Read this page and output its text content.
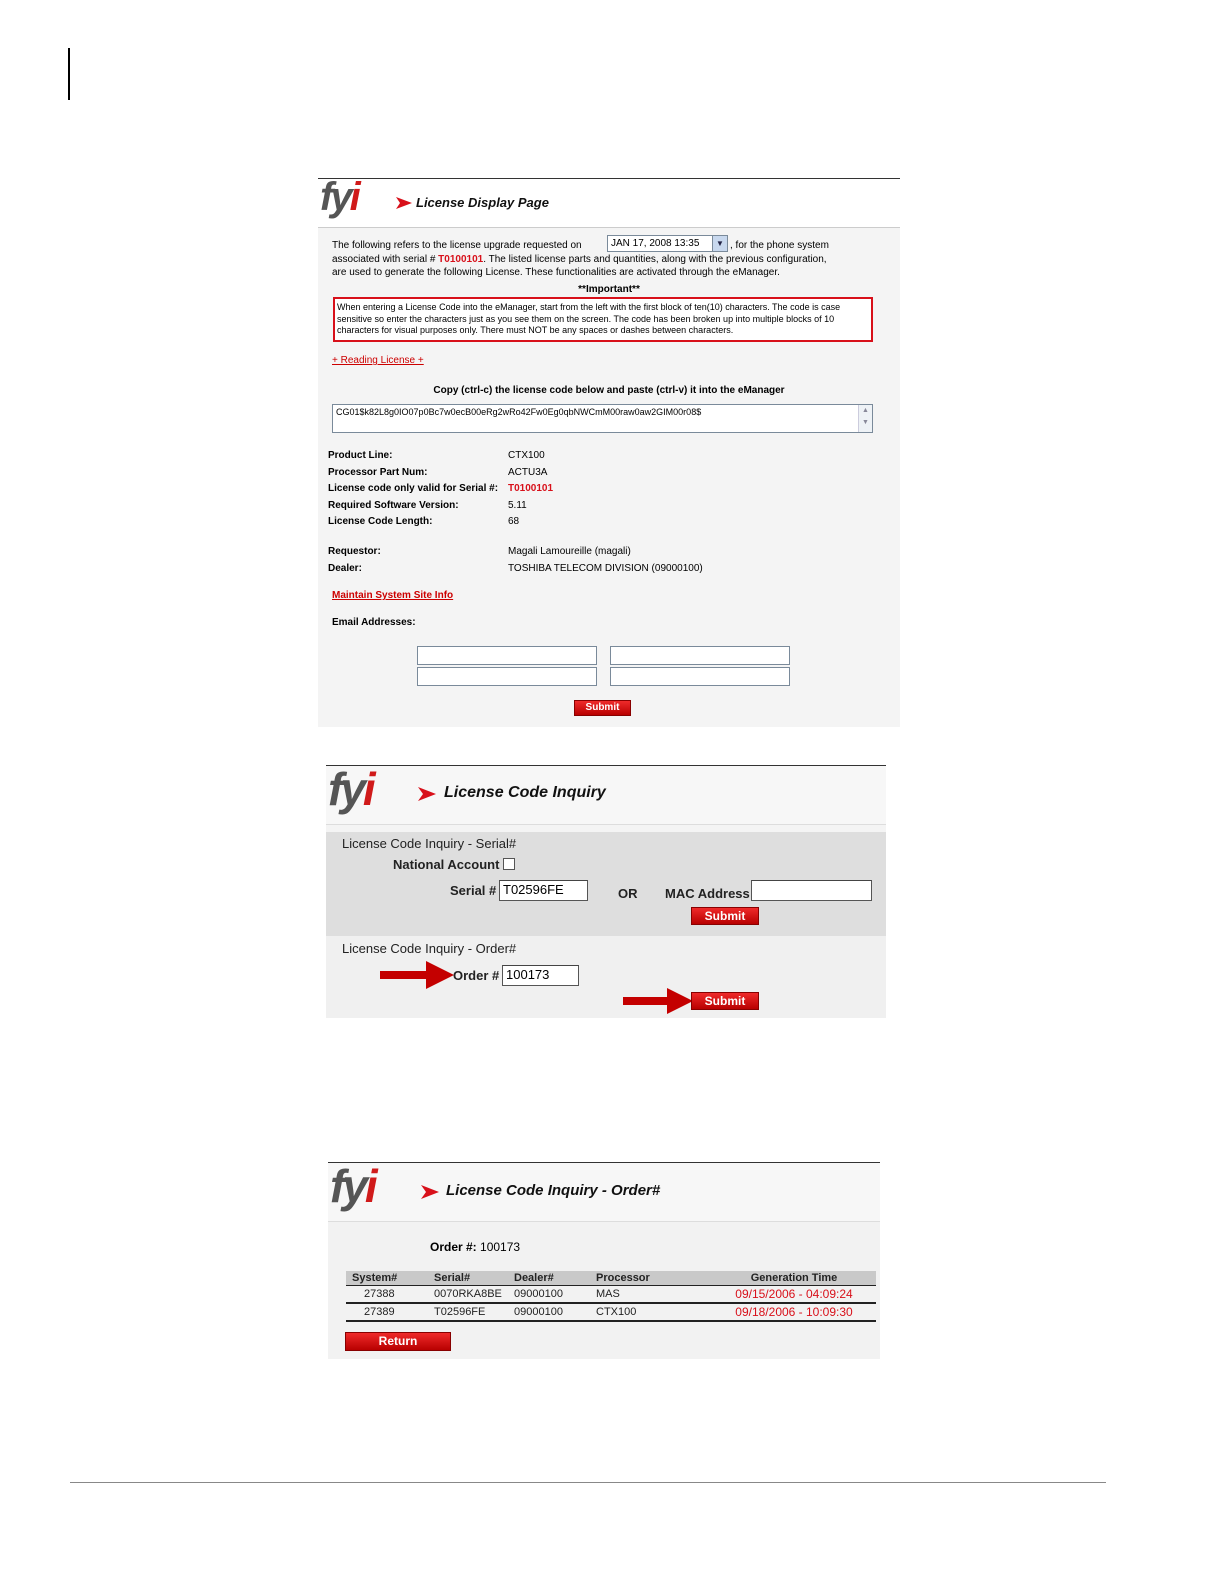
fyi	License Display Page
The following refers to the license upgrade requested on	JAN 17, 2008 13:35	▼ , for the phone system
associated with serial # T0100101. The listed license parts and quantities, along with the previous configuration,
are used to generate the following License. These functionalities are activated through the eManager.
**Important**
When entering a License Code into the eManager, start from the left with the first block of ten(10) characters. The code is case sensitive so enter the characters just as you see them on the screen. The code has been broken up into multiple blocks of 10 characters for visual purposes only. There must NOT be any spaces or dashes between characters.
+ Reading License +
Copy (ctrl-c) the license code below and paste (ctrl-v) it into the eManager
CG01$k82L8g0IO07p0Bc7w0ecB00eRg2wRo42Fw0Eg0qbNWCmM00raw0aw2GIM00r08$	▲
▼
Product Line:	CTX100
Processor Part Num:	ACTU3A
License code only valid for Serial #: T0100101
Required Software Version:	5.11
License Code Length:	68
Requestor:	Magali Lamoureille (magali)
Dealer:	TOSHIBA TELECOM DIVISION (09000100)
Maintain System Site Info
Email Addresses:
Submit
fyi	License Code Inquiry
License Code Inquiry - Serial#
National Account
Serial # T02596FE	OR MAC Address
Submit
License Code Inquiry - Order#
Order # 100173
Submit
fyi	License Code Inquiry - Order#
Order #: 100173
System#	Serial#	Dealer#	Processor	Generation Time
27388	0070RKA8BE	09000100	MAS	09/15/2006 - 04:09:24
27389	T02596FE	09000100	CTX100	09/18/2006 - 10:09:30
Return
